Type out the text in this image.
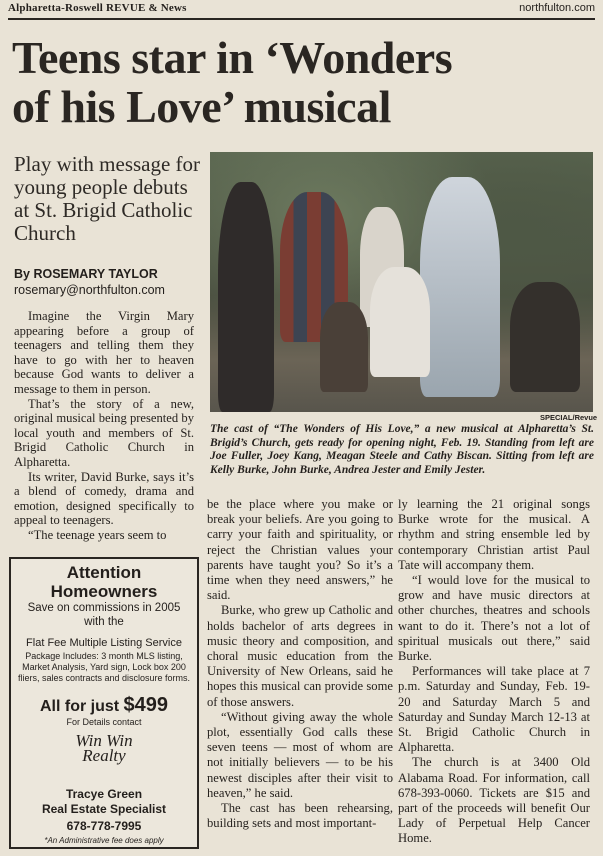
Alpharetta-Roswell REVUE & News	northfulton.com
Teens star in ‘Wonders
of his Love’ musical
Play with message for young people debuts at St. Brigid Catholic Church
By ROSEMARY TAYLOR
rosemary@northfulton.com
SPECIAL/Revue
The cast of “The Wonders of His Love,” a new musical at Alpharetta’s St. Brigid’s Church, gets ready for opening night, Feb. 19. Standing from left are Joe Fuller, Joey Kang, Meagan Steele and Cathy Biscan. Sitting from left are Kelly Burke, John Burke, Andrea Jester and Emily Jester.

Imagine the Virgin Mary appearing before a group of teenagers and telling them they have to go with her to heaven because God wants to deliver a message to them in person.

That’s the story of a new, original musical being presented by local youth and members of St. Brigid Catholic Church in Alpharetta.

Its writer, David Burke, says it’s a blend of comedy, drama and emotion, designed specifically to appeal to teenagers.

“The teenage years seem to

be the place where you make or break your beliefs. Are you going to carry your faith and spirituality, or reject the Christian values your parents have taught you? So it’s a time when they need answers,” he said.

Burke, who grew up Catholic and holds bachelor of arts degrees in music theory and composition, and choral music education from the University of New Orleans, said he hopes this musical can provide some of those answers.

“Without giving away the whole plot, essentially God calls these seven teens — most of whom are not initially believers — to be his newest disciples after their visit to heaven,” he said.

The cast has been rehearsing, building sets and most important-

ly learning the 21 original songs Burke wrote for the musical. A rhythm and string ensemble led by contemporary Christian artist Paul Tate will accompany them.

“I would love for the musical to grow and have music directors at other churches, theatres and schools want to do it. There’s not a lot of spiritual musicals out there,” said Burke.

Performances will take place at 7 p.m. Saturday and Sunday, Feb. 19-20 and Saturday March 5 and Saturday and Sunday March 12-13 at St. Brigid Catholic Church in Alpharetta.

The church is at 3400 Old Alabama Road. For information, call 678-393-0060. Tickets are $15 and part of the proceeds will benefit Our Lady of Perpetual Help Cancer Home.

Attention
Homeowners
Save on commissions in 2005
with the
Flat Fee Multiple Listing Service
Package Includes: 3 month MLS listing, Market Analysis, Yard sign, Lock box 200 fliers, sales contracts and disclosure forms.
All for just $499
For Details contact
Win Win Realty
Tracye Green
Real Estate Specialist
678-778-7995
*An Administrative fee does apply
